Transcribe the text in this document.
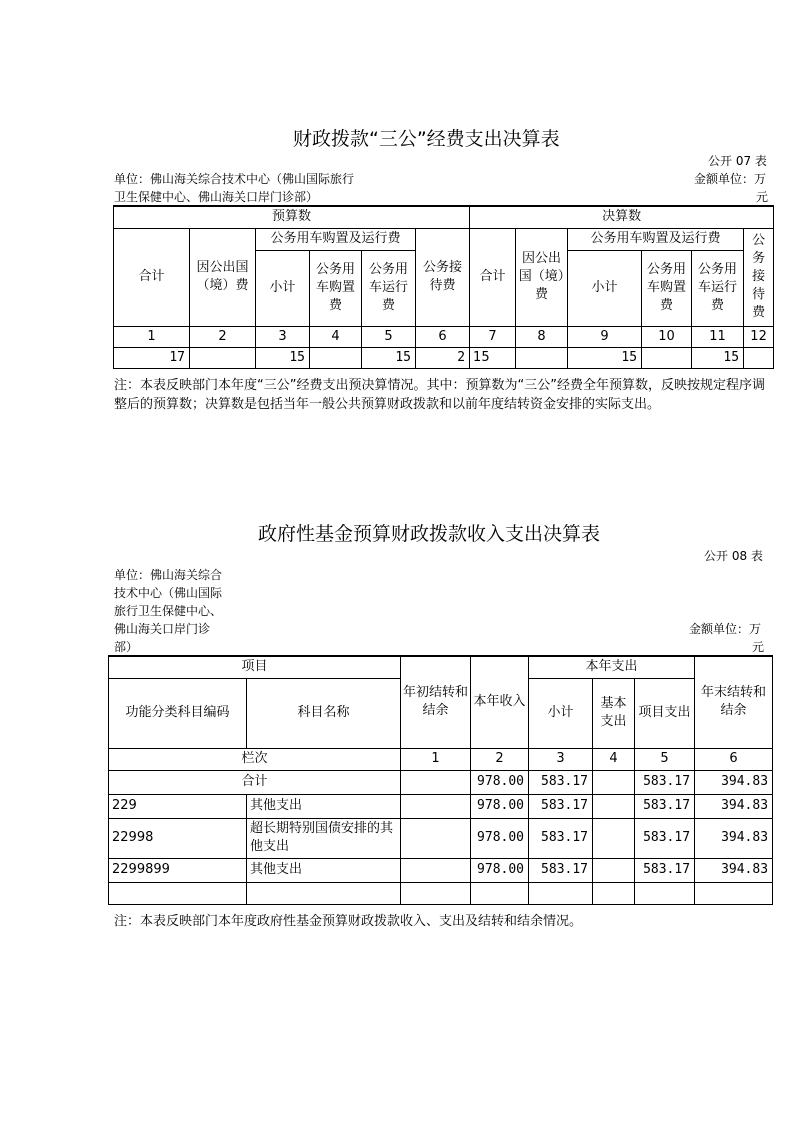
财政拨款“三公”经费支出决算表
公开 07 表
单位：佛山海关综合技术中心（佛山国际旅行
卫生保健中心、佛山海关口岸门诊部）
金额单位：万
元
预算数						决算数					
合计	因公出国（境）费	公务用车购置及运行费			公务接待费	合计	因公出国（境）费	公务用车购置及运行费			公务接待费
		小计	公务用车购置费	公务用车运行费				小计	公务用车购置费	公务用车运行费	
1	2	3	4	5	6	7	8	9	10	11	12
17		15		15	2	15		15		15	
注：本表反映部门本年度“三公”经费支出预决算情况。其中：预算数为“三公”经费全年预算数，反映按规定程序调整后的预算数；决算数是包括当年一般公共预算财政拨款和以前年度结转资金安排的实际支出。
政府性基金预算财政拨款收入支出决算表
公开 08 表
单位：佛山海关综合
技术中心（佛山国际
旅行卫生保健中心、
佛山海关口岸门诊
部）
金额单位：万
元
项目		年初结转和结余	本年收入	本年支出			年末结转和结余
功能分类科目编码	科目名称			小计	基本支出	项目支出	
栏次		1	2	3	4	5	6
合计			978.00	583.17		583.17	394.83
229	其他支出		978.00	583.17		583.17	394.83
22998	超长期特别国债安排的其他支出		978.00	583.17		583.17	394.83
2299899	其他支出		978.00	583.17		583.17	394.83

注：本表反映部门本年度政府性基金预算财政拨款收入、支出及结转和结余情况。
